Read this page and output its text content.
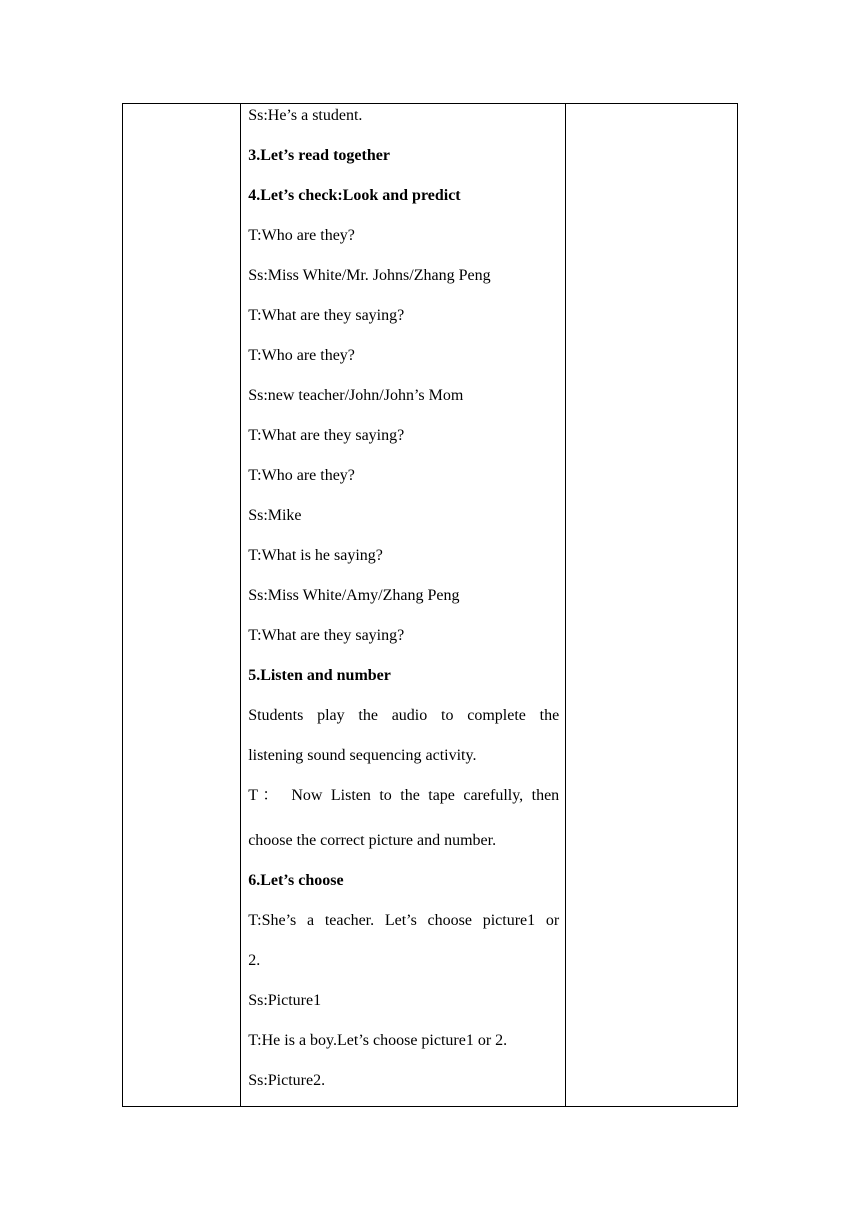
Ss:He’s a student.
3.Let’s read together
4.Let’s check:Look and predict
T:Who are they?
Ss:Miss White/Mr. Johns/Zhang Peng
T:What are they saying?
T:Who are they?
Ss:new teacher/John/John’s Mom
T:What are they saying?
T:Who are they?
Ss:Mike
T:What is he saying?
Ss:Miss White/Amy/Zhang Peng
T:What are they saying?
5.Listen and number
Students play the audio to complete the
listening sound sequencing activity.
T： Now Listen to the tape carefully, then
choose the correct picture and number.
6.Let’s choose
T:She’s a teacher. Let’s choose picture1 or
2.
Ss:Picture1
T:He is a boy.Let’s choose picture1 or 2.
Ss:Picture2.
